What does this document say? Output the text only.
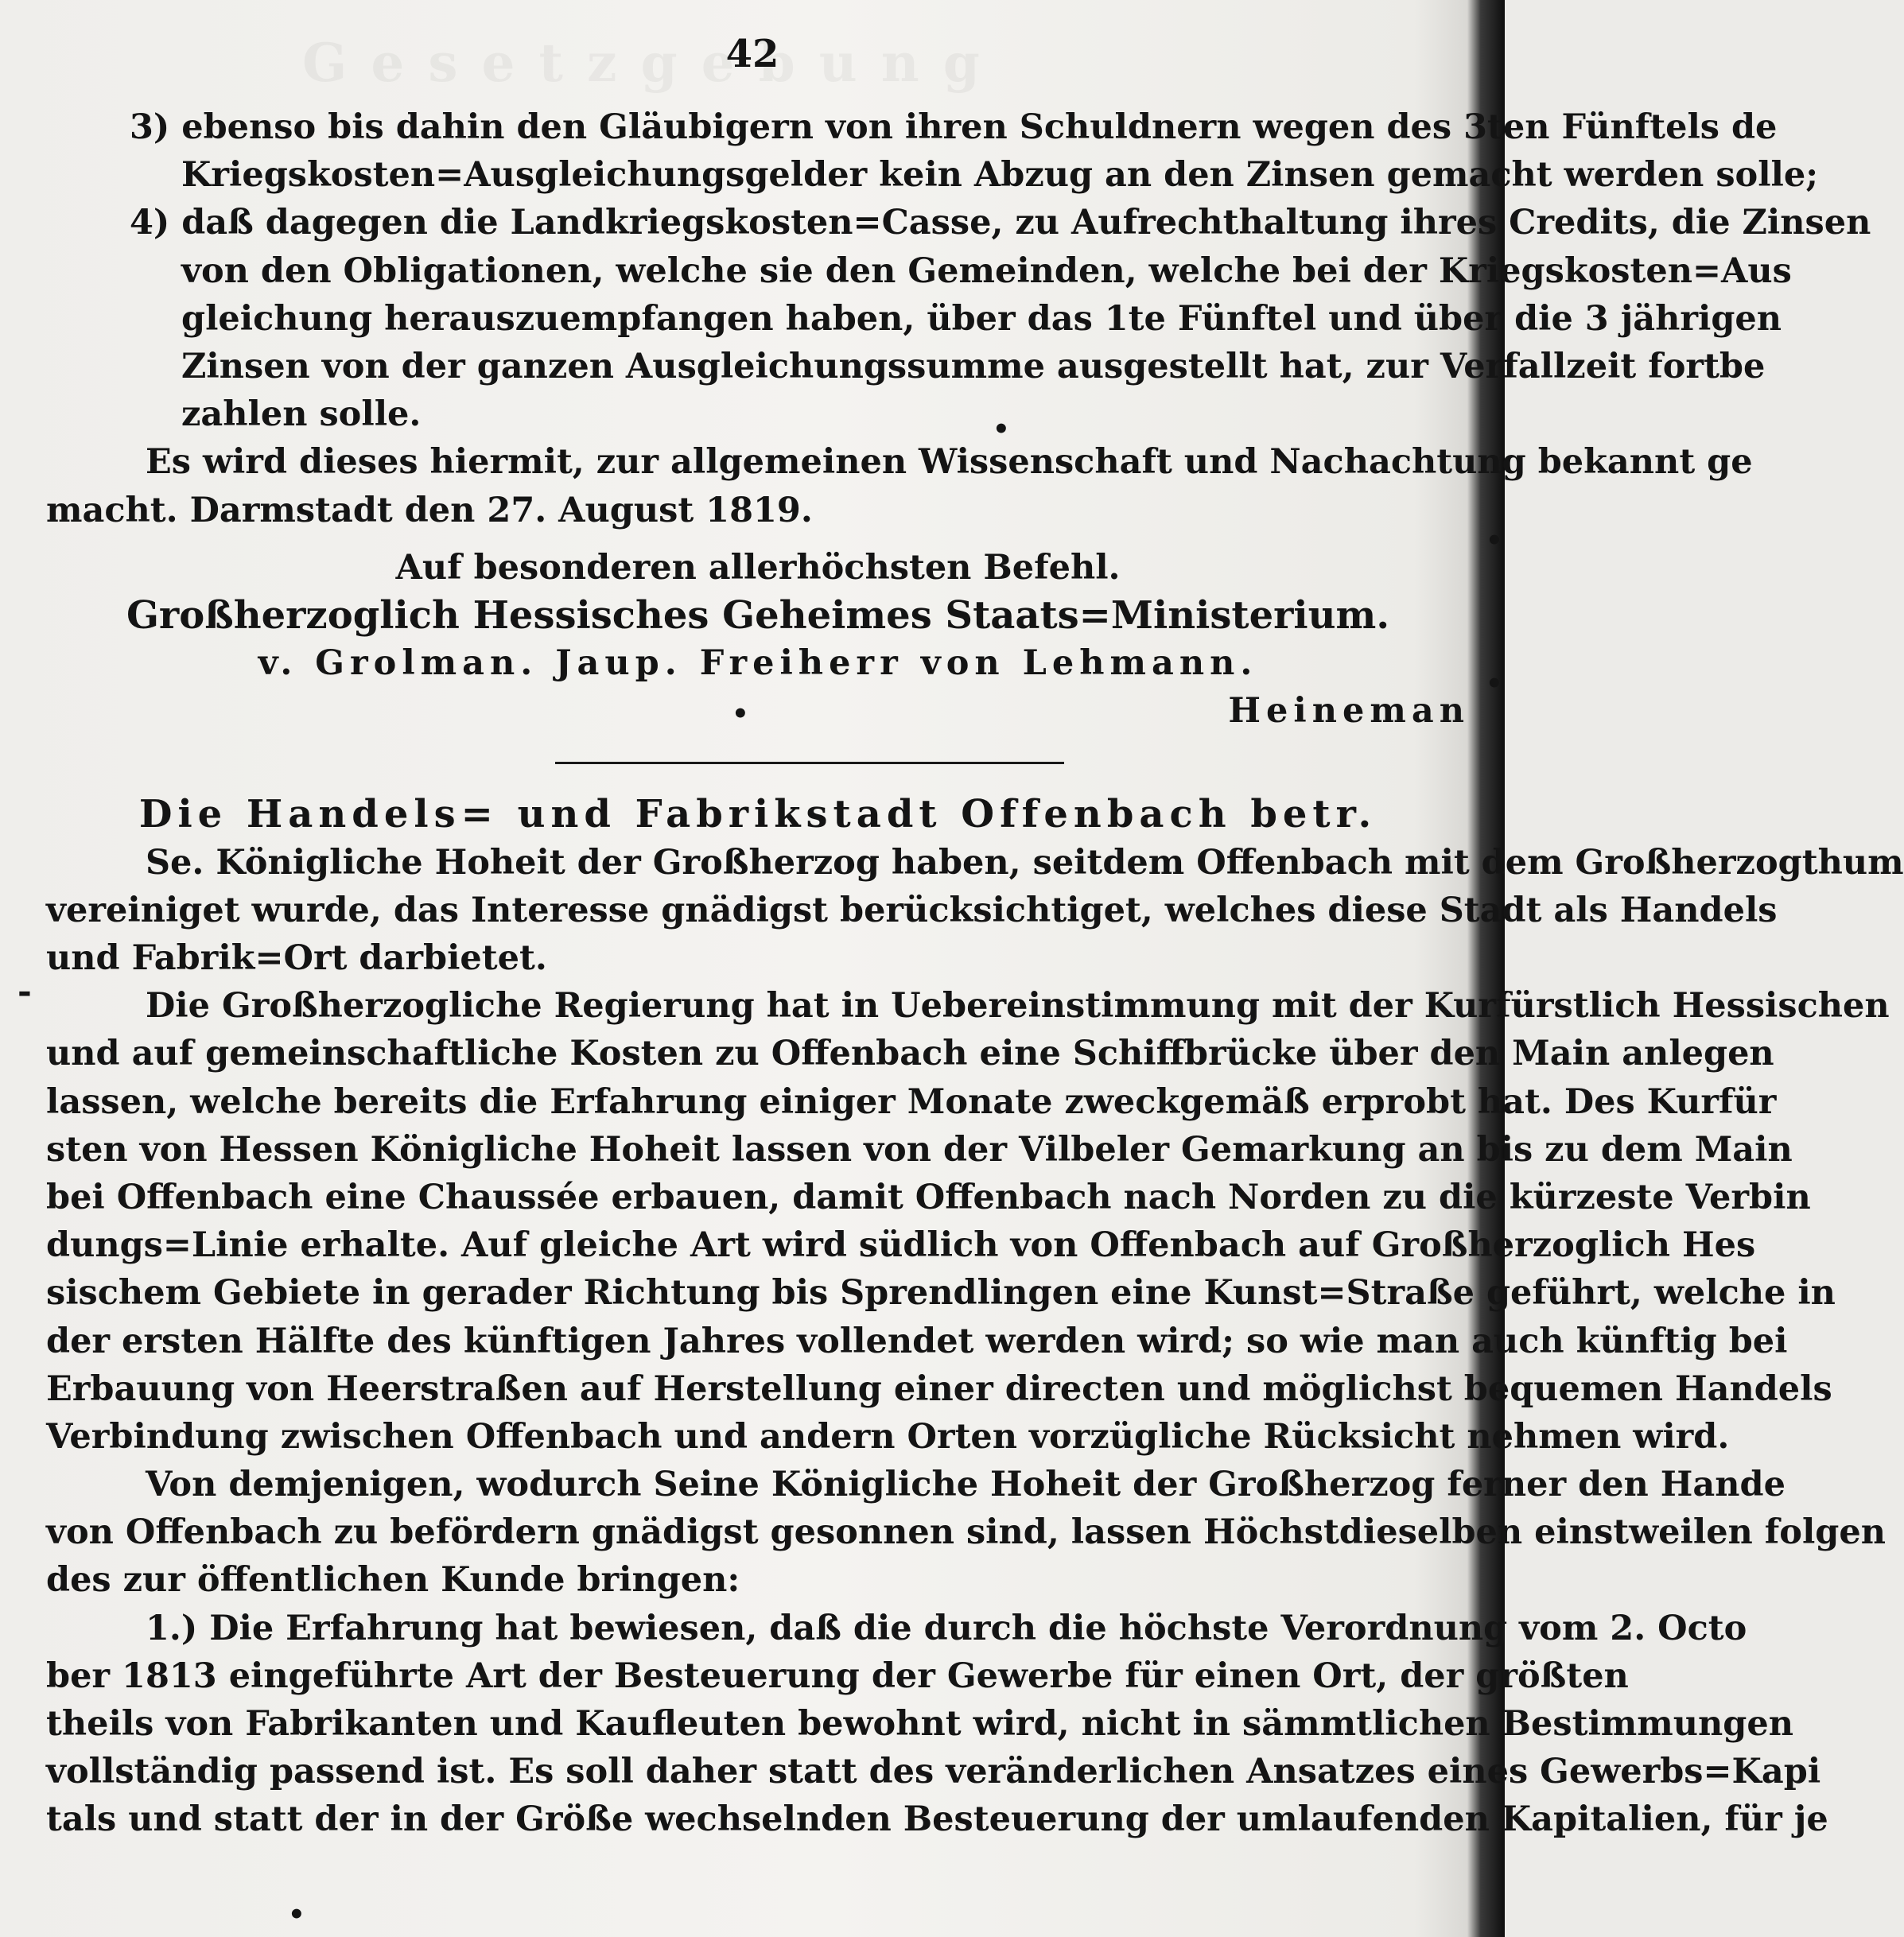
42
3) ebenso bis dahin den Gläubigern von ihren Schuldnern wegen des 3ten Fünftels de
Kriegskosten=Ausgleichungsgelder kein Abzug an den Zinsen gemacht werden solle;
4) daß dagegen die Landkriegskosten=Casse, zu Aufrechthaltung ihres Credits, die Zinsen
von den Obligationen, welche sie den Gemeinden, welche bei der Kriegskosten=Aus
gleichung herauszuempfangen haben, über das 1te Fünftel und über die 3 jährigen
Zinsen von der ganzen Ausgleichungssumme ausgestellt hat, zur Verfallzeit fortbe
zahlen solle.
Es wird dieses hiermit, zur allgemeinen Wissenschaft und Nachachtung bekannt ge
macht. Darmstadt den 27. August 1819.
Auf besonderen allerhöchsten Befehl.
Großherzoglich Hessisches Geheimes Staats=Ministerium.
v. Grolman. Jaup. Freiherr von Lehmann.
Heineman
Die Handels= und Fabrikstadt Offenbach betr.
Se. Königliche Hoheit der Großherzog haben, seitdem Offenbach mit dem Großherzogthum
vereiniget wurde, das Interesse gnädigst berücksichtiget, welches diese Stadt als Handels
und Fabrik=Ort darbietet.
Die Großherzogliche Regierung hat in Uebereinstimmung mit der Kurfürstlich Hessischen
und auf gemeinschaftliche Kosten zu Offenbach eine Schiffbrücke über den Main anlegen
lassen, welche bereits die Erfahrung einiger Monate zweckgemäß erprobt hat. Des Kurfür
sten von Hessen Königliche Hoheit lassen von der Vilbeler Gemarkung an bis zu dem Main
bei Offenbach eine Chaussée erbauen, damit Offenbach nach Norden zu die kürzeste Verbin
dungs=Linie erhalte. Auf gleiche Art wird südlich von Offenbach auf Großherzoglich Hes
sischem Gebiete in gerader Richtung bis Sprendlingen eine Kunst=Straße geführt, welche in
der ersten Hälfte des künftigen Jahres vollendet werden wird; so wie man auch künftig bei
Erbauung von Heerstraßen auf Herstellung einer directen und möglichst bequemen Handels
Verbindung zwischen Offenbach und andern Orten vorzügliche Rücksicht nehmen wird.
Von demjenigen, wodurch Seine Königliche Hoheit der Großherzog ferner den Hande
von Offenbach zu befördern gnädigst gesonnen sind, lassen Höchstdieselben einstweilen folgen
des zur öffentlichen Kunde bringen:
1.) Die Erfahrung hat bewiesen, daß die durch die höchste Verordnung vom 2. Octo
ber 1813 eingeführte Art der Besteuerung der Gewerbe für einen Ort, der größten
theils von Fabrikanten und Kaufleuten bewohnt wird, nicht in sämmtlichen Bestimmungen
vollständig passend ist. Es soll daher statt des veränderlichen Ansatzes eines Gewerbs=Kapi
tals und statt der in der Größe wechselnden Besteuerung der umlaufenden Kapitalien, für je
-
•
•
•
•
•
